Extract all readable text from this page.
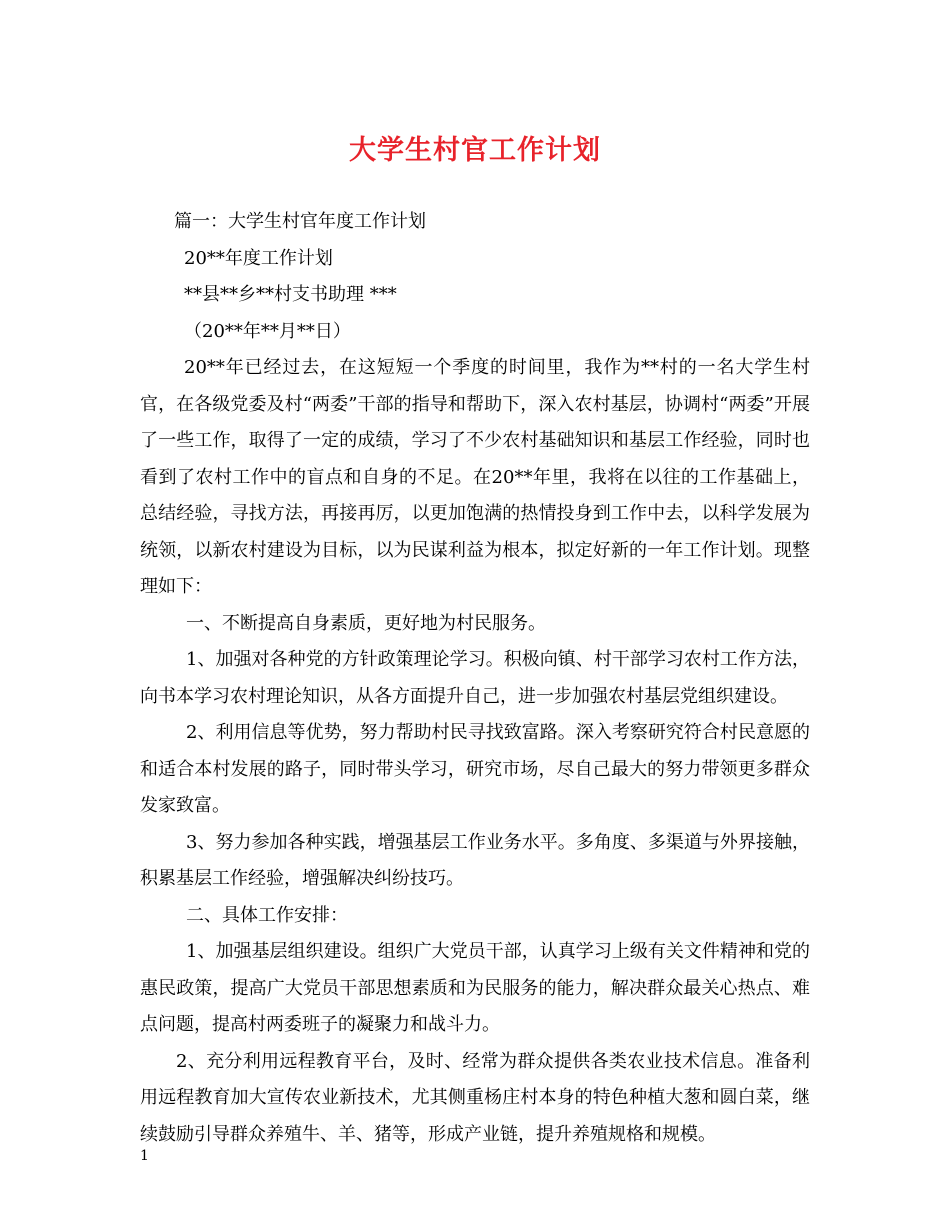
大学生村官工作计划

篇一：大学生村官年度工作计划

20**年度工作计划

**县**乡**村支书助理 ***

（20**年**月**日）

20**年已经过去，在这短短一个季度的时间里，我作为**村的一名大学生村官，在各级党委及村“两委”干部的指导和帮助下，深入农村基层，协调村“两委”开展了一些工作，取得了一定的成绩，学习了不少农村基础知识和基层工作经验，同时也看到了农村工作中的盲点和自身的不足。在20**年里，我将在以往的工作基础上，总结经验，寻找方法，再接再厉，以更加饱满的热情投身到工作中去，以科学发展为统领，以新农村建设为目标，以为民谋利益为根本，拟定好新的一年工作计划。现整理如下：

一、不断提高自身素质，更好地为村民服务。

1、加强对各种党的方针政策理论学习。积极向镇、村干部学习农村工作方法，向书本学习农村理论知识，从各方面提升自己，进一步加强农村基层党组织建设。

2、利用信息等优势，努力帮助村民寻找致富路。深入考察研究符合村民意愿的和适合本村发展的路子，同时带头学习，研究市场，尽自己最大的努力带领更多群众发家致富。

3、努力参加各种实践，增强基层工作业务水平。多角度、多渠道与外界接触，积累基层工作经验，增强解决纠纷技巧。

二、具体工作安排：

1、加强基层组织建设。组织广大党员干部，认真学习上级有关文件精神和党的惠民政策，提高广大党员干部思想素质和为民服务的能力，解决群众最关心热点、难点问题，提高村两委班子的凝聚力和战斗力。

2、充分利用远程教育平台，及时、经常为群众提供各类农业技术信息。准备利用远程教育加大宣传农业新技术，尤其侧重杨庄村本身的特色种植大葱和圆白菜，继续鼓励引导群众养殖牛、羊、猪等，形成产业链，提升养殖规格和规模。

1
